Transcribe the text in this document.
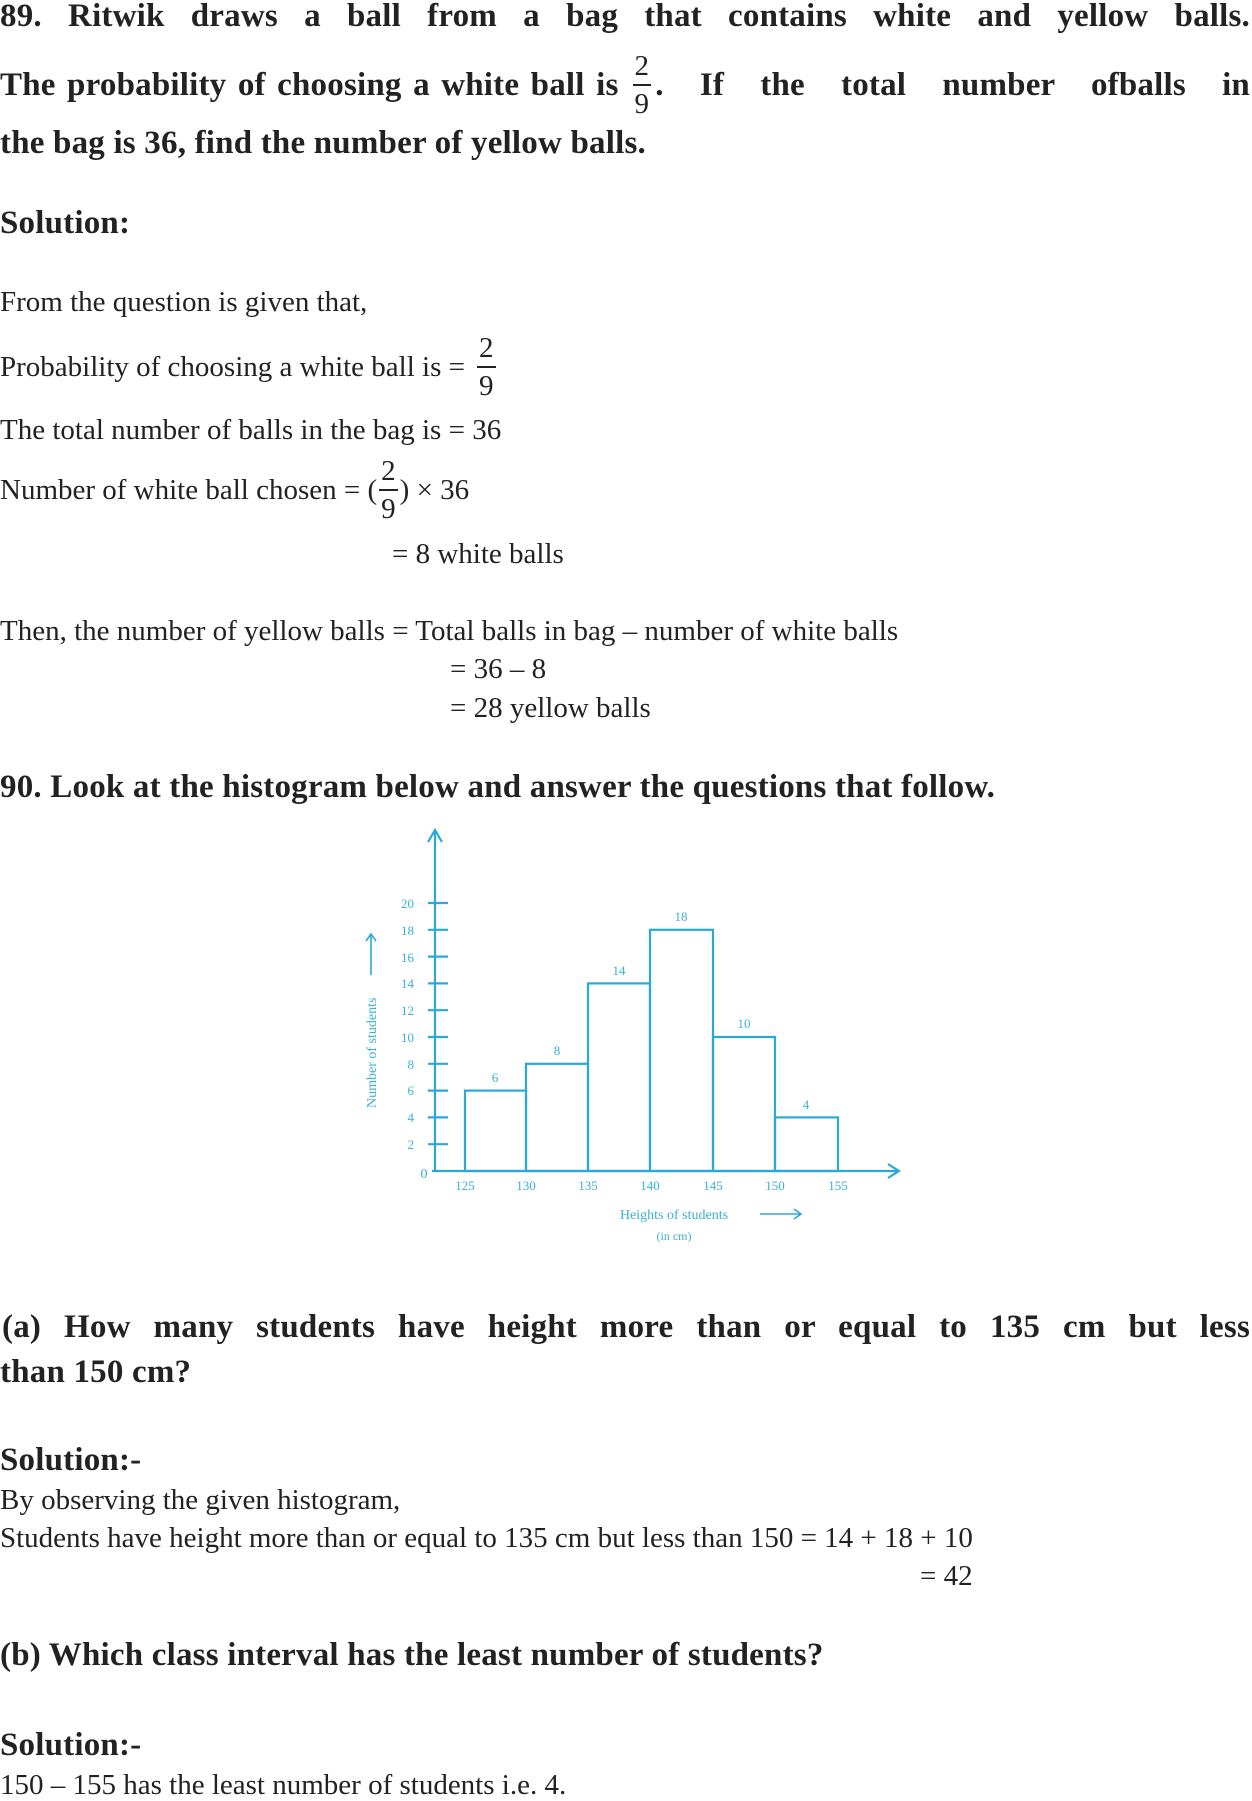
89. Ritwik draws a ball from a bag that contains white and yellow balls.
The probability of choosing a white ball is $\frac{2}{9}$ . If the total number ofballs in
the bag is 36, find the number of yellow balls.
Solution:
From the question is given that,
Probability of choosing a white ball is = $\frac{2}{9}$
The total number of balls in the bag is = 36
Number of white ball chosen = ( $\frac{2}{9}$ ) × 36
= 8 white balls
Then, the number of yellow balls = Total balls in bag – number of white balls
= 36 – 8
= 28 yellow balls
90. Look at the histogram below and answer the questions that follow.
2
4
6
8
10
12
14
16
18
20
0
125	130	135	140	145	150	155
6
8
14
18
10
4
Heights of students
(in cm)
Number of students
(a) How many students have height more than or equal to 135 cm but less
than 150 cm?
Solution:-
By observing the given histogram,
Students have height more than or equal to 135 cm but less than 150 = 14 + 18 + 10
= 42
(b) Which class interval has the least number of students?
Solution:-
150 – 155 has the least number of students i.e. 4.
